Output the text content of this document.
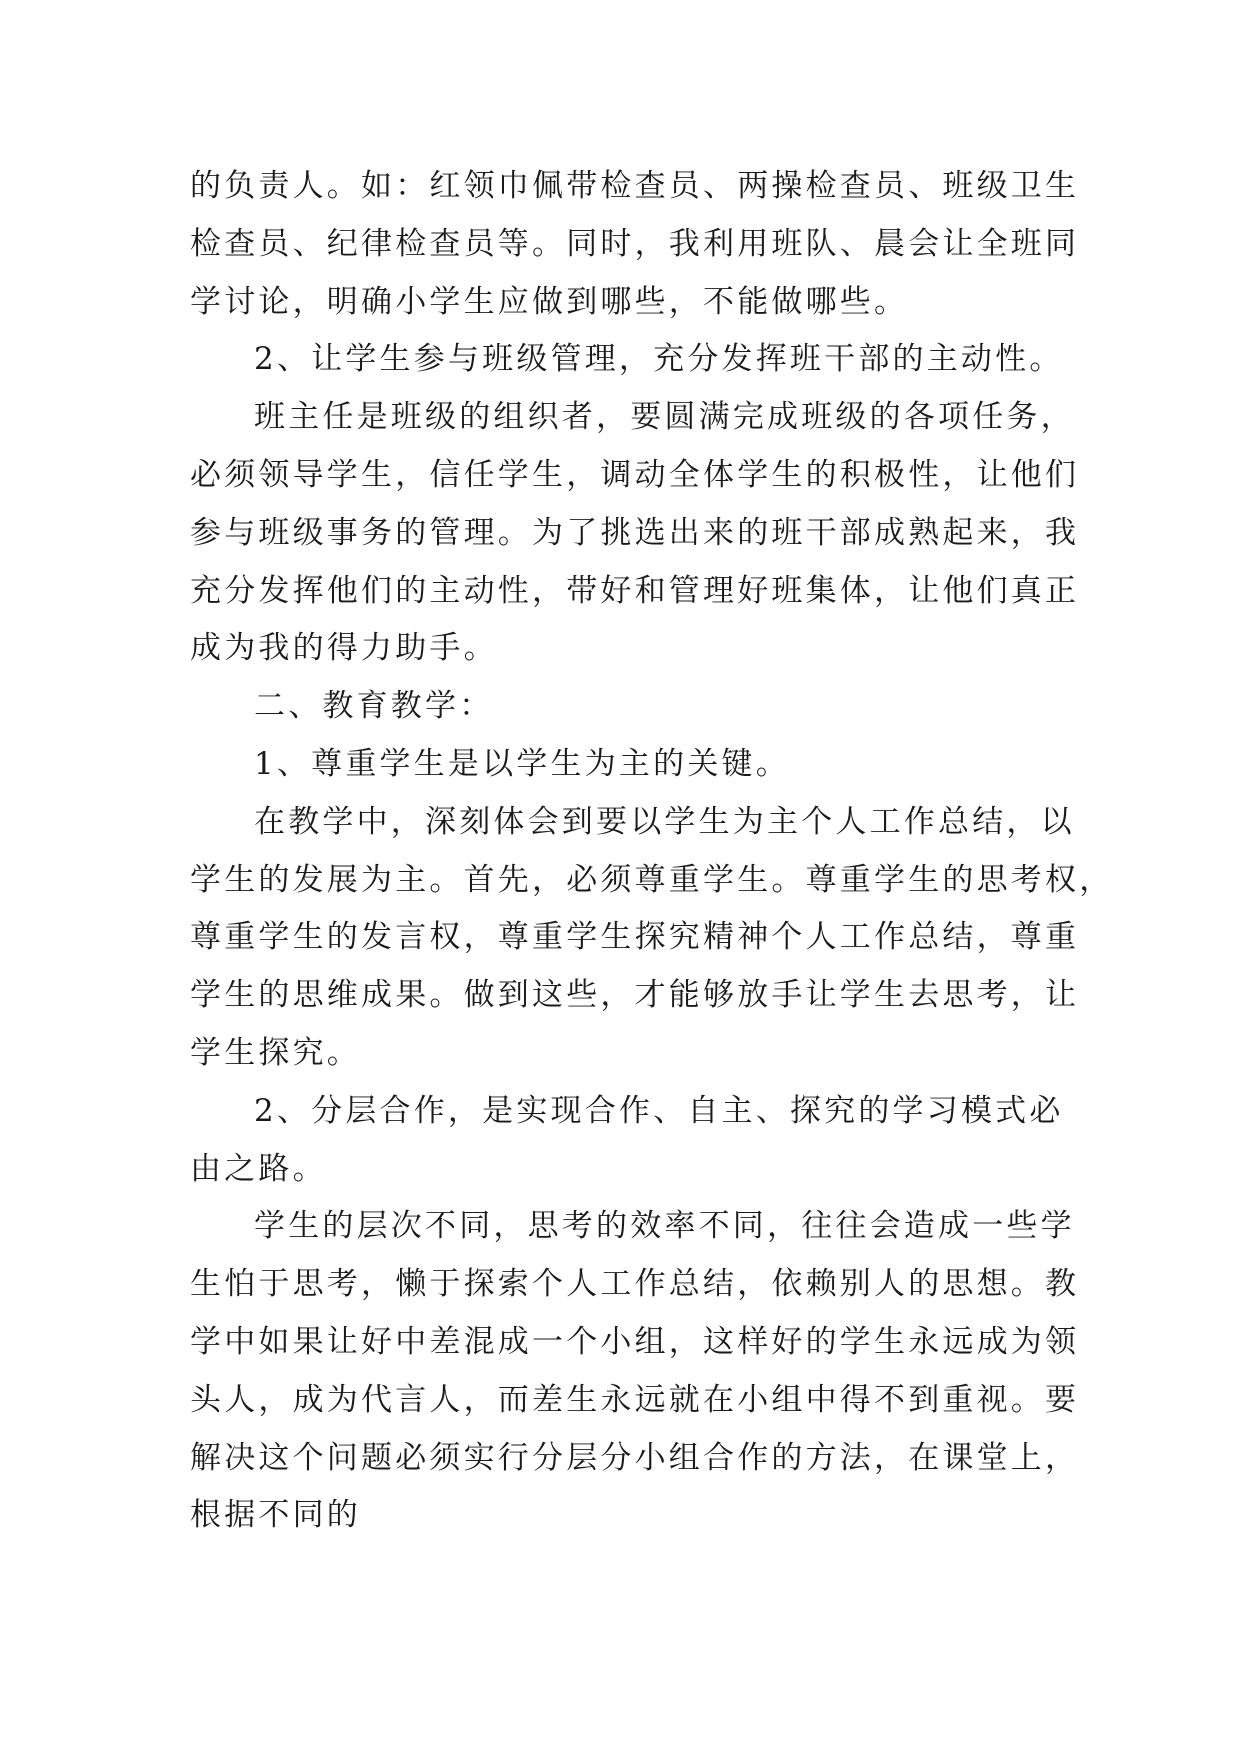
的负责人。如：红领巾佩带检查员、两操检查员、班级卫生
检查员、纪律检查员等。同时，我利用班队、晨会让全班同
学讨论，明确小学生应做到哪些，不能做哪些。
2、让学生参与班级管理，充分发挥班干部的主动性。
班主任是班级的组织者，要圆满完成班级的各项任务，
必须领导学生，信任学生，调动全体学生的积极性，让他们
参与班级事务的管理。为了挑选出来的班干部成熟起来，我
充分发挥他们的主动性，带好和管理好班集体，让他们真正
成为我的得力助手。
二、教育教学：
1、尊重学生是以学生为主的关键。
在教学中，深刻体会到要以学生为主个人工作总结，以
学生的发展为主。首先，必须尊重学生。尊重学生的思考权，
尊重学生的发言权，尊重学生探究精神个人工作总结，尊重
学生的思维成果。做到这些，才能够放手让学生去思考，让
学生探究。
2、分层合作，是实现合作、自主、探究的学习模式必
由之路。
学生的层次不同，思考的效率不同，往往会造成一些学
生怕于思考，懒于探索个人工作总结，依赖别人的思想。教
学中如果让好中差混成一个小组，这样好的学生永远成为领
头人，成为代言人，而差生永远就在小组中得不到重视。要
解决这个问题必须实行分层分小组合作的方法，在课堂上，
根据不同的
